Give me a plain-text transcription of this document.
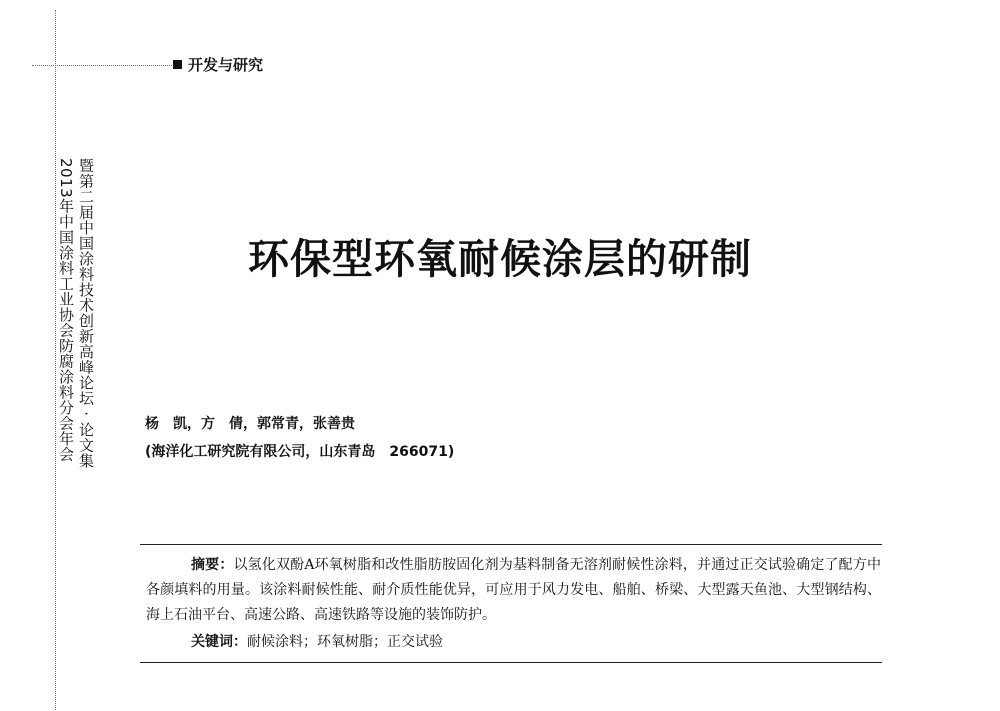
开发与研究
暨第二届中国涂料技术创新高峰论坛 · 论文集
2013年中国涂料工业协会防腐涂料分会年会	环保型环氧耐候涂层的研制
杨　凯，方　倩，郭常青，张善贵
(海洋化工研究院有限公司，山东青岛　266071)
摘要：以氢化双酚A环氧树脂和改性脂肪胺固化剂为基料制备无溶剂耐候性涂料，并通过正交试验确定了配方中各颜填料的用量。该涂料耐候性能、耐介质性能优异，可应用于风力发电、船舶、桥梁、大型露天鱼池、大型钢结构、海上石油平台、高速公路、高速铁路等设施的装饰防护。
关键词：耐候涂料；环氧树脂；正交试验
